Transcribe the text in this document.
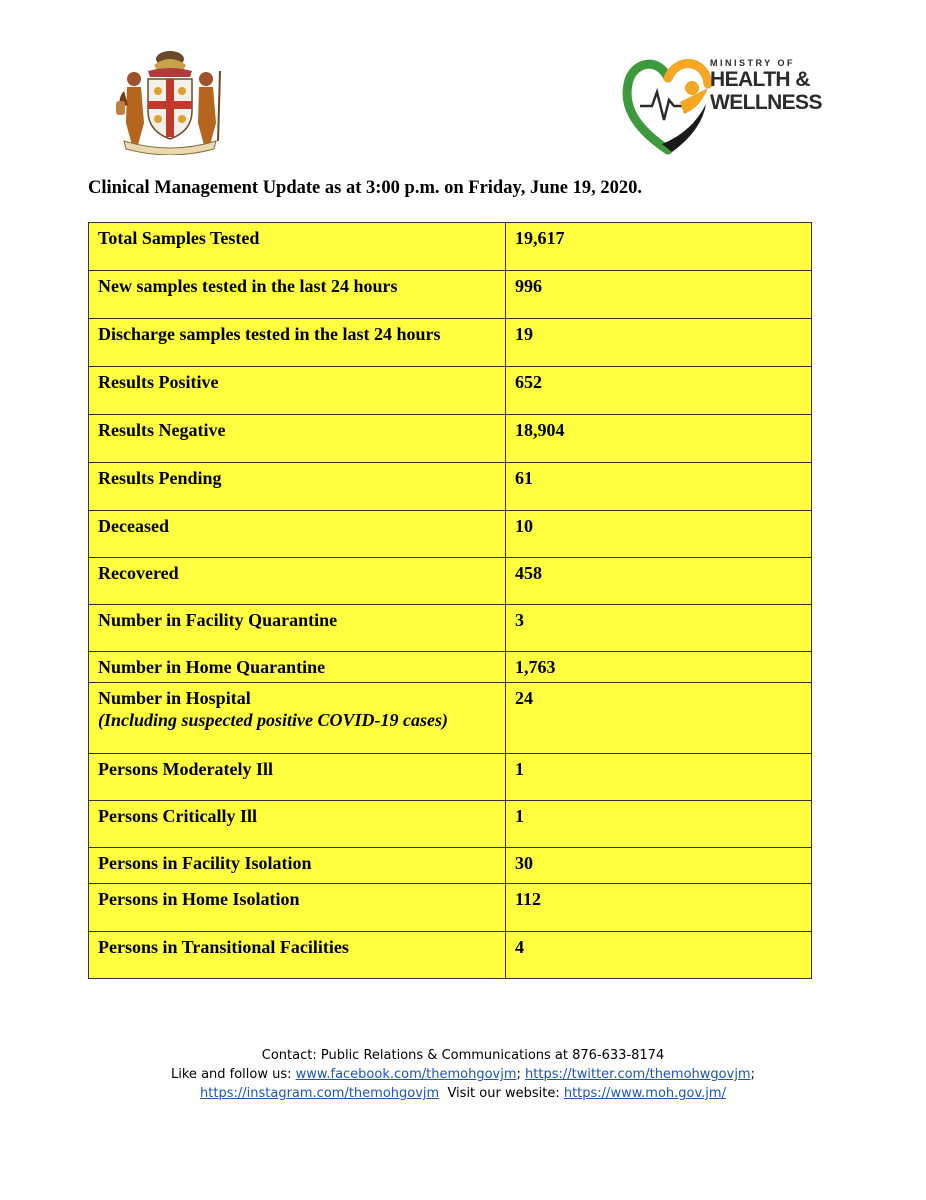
MINISTRY OF
HEALTH &
WELLNESS
Clinical Management Update as at 3:00 p.m. on Friday, June 19, 2020.
Total Samples Tested	19,617
New samples tested in the last 24 hours	996
Discharge samples tested in the last 24 hours	19
Results Positive	652
Results Negative	18,904
Results Pending	61
Deceased	10
Recovered	458
Number in Facility Quarantine	3
Number in Home Quarantine	1,763
Number in Hospital
(Including suspected positive COVID-19 cases)	24
Persons Moderately Ill	1
Persons Critically Ill	1
Persons in Facility Isolation	30
Persons in Home Isolation	112
Persons in Transitional Facilities	4
Contact: Public Relations & Communications at 876-633-8174
Like and follow us: www.facebook.com/themohgovjm; https://twitter.com/themohwgovjm;
https://instagram.com/themohgovjm  Visit our website: https://www.moh.gov.jm/
